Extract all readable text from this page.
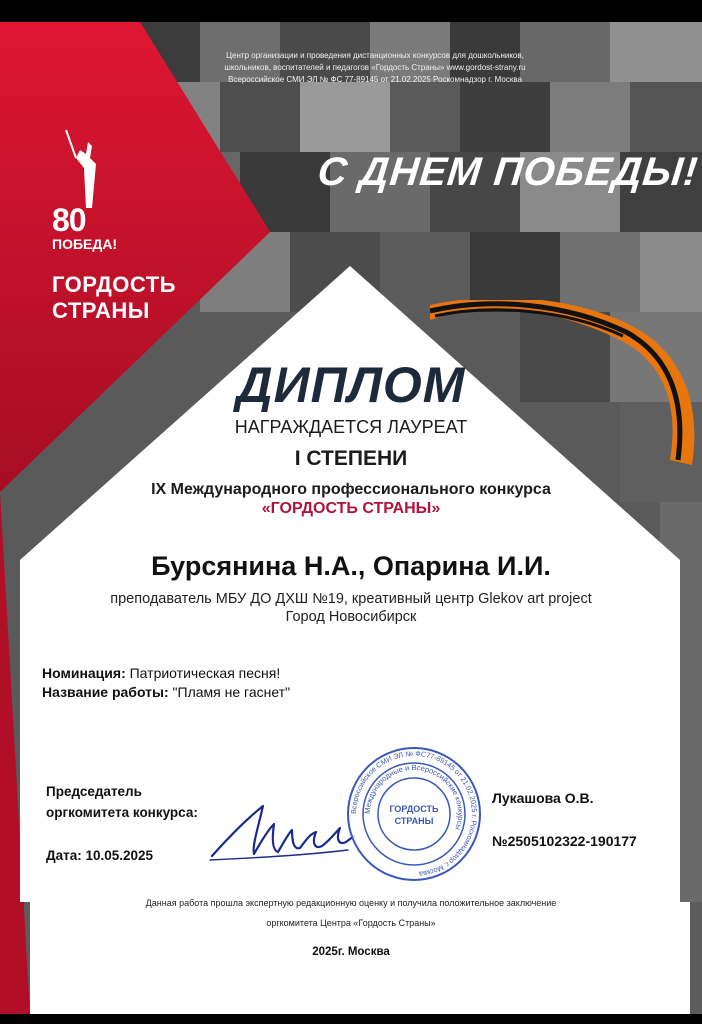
Центр организации и проведения дистанционных конкурсов для дошкольников,
школьников, воспитателей и педагогов «Гордость Страны» www.gordost-strany.ru
Всероссийское СМИ ЭЛ № ФС 77-89145 от 21.02.2025 Роскомнадзор г. Москва
С ДНЕМ ПОБЕДЫ!
80
ПОБЕДА!
ГОРДОСТЬ
СТРАНЫ
ДИПЛОМ
НАГРАЖДАЕТСЯ ЛАУРЕАТ
I СТЕПЕНИ
IX Международного профессионального конкурса
«ГОРДОСТЬ СТРАНЫ»
Бурсянина Н.А., Опарина И.И.
преподаватель МБУ ДО ДХШ №19, креативный центр Glekov art project
Город Новосибирск
Номинация: Патриотическая песня!
Название работы: "Пламя не гаснет"
Председатель
оргкомитета конкурса:
Дата: 10.05.2025
Лукашова О.В.
№2505102322-190177
Всероссийское СМИ ЭЛ № ФС77-89145 от 21.02.2025 г. Роскомнадзор г. Москва
Международные и Всероссийские конкурсы
ГОРДОСТЬ
СТРАНЫ
Данная работа прошла экспертную редакционную оценку и получила положительное заключение
оргкомитета Центра «Гордость Страны»
2025г. Москва
